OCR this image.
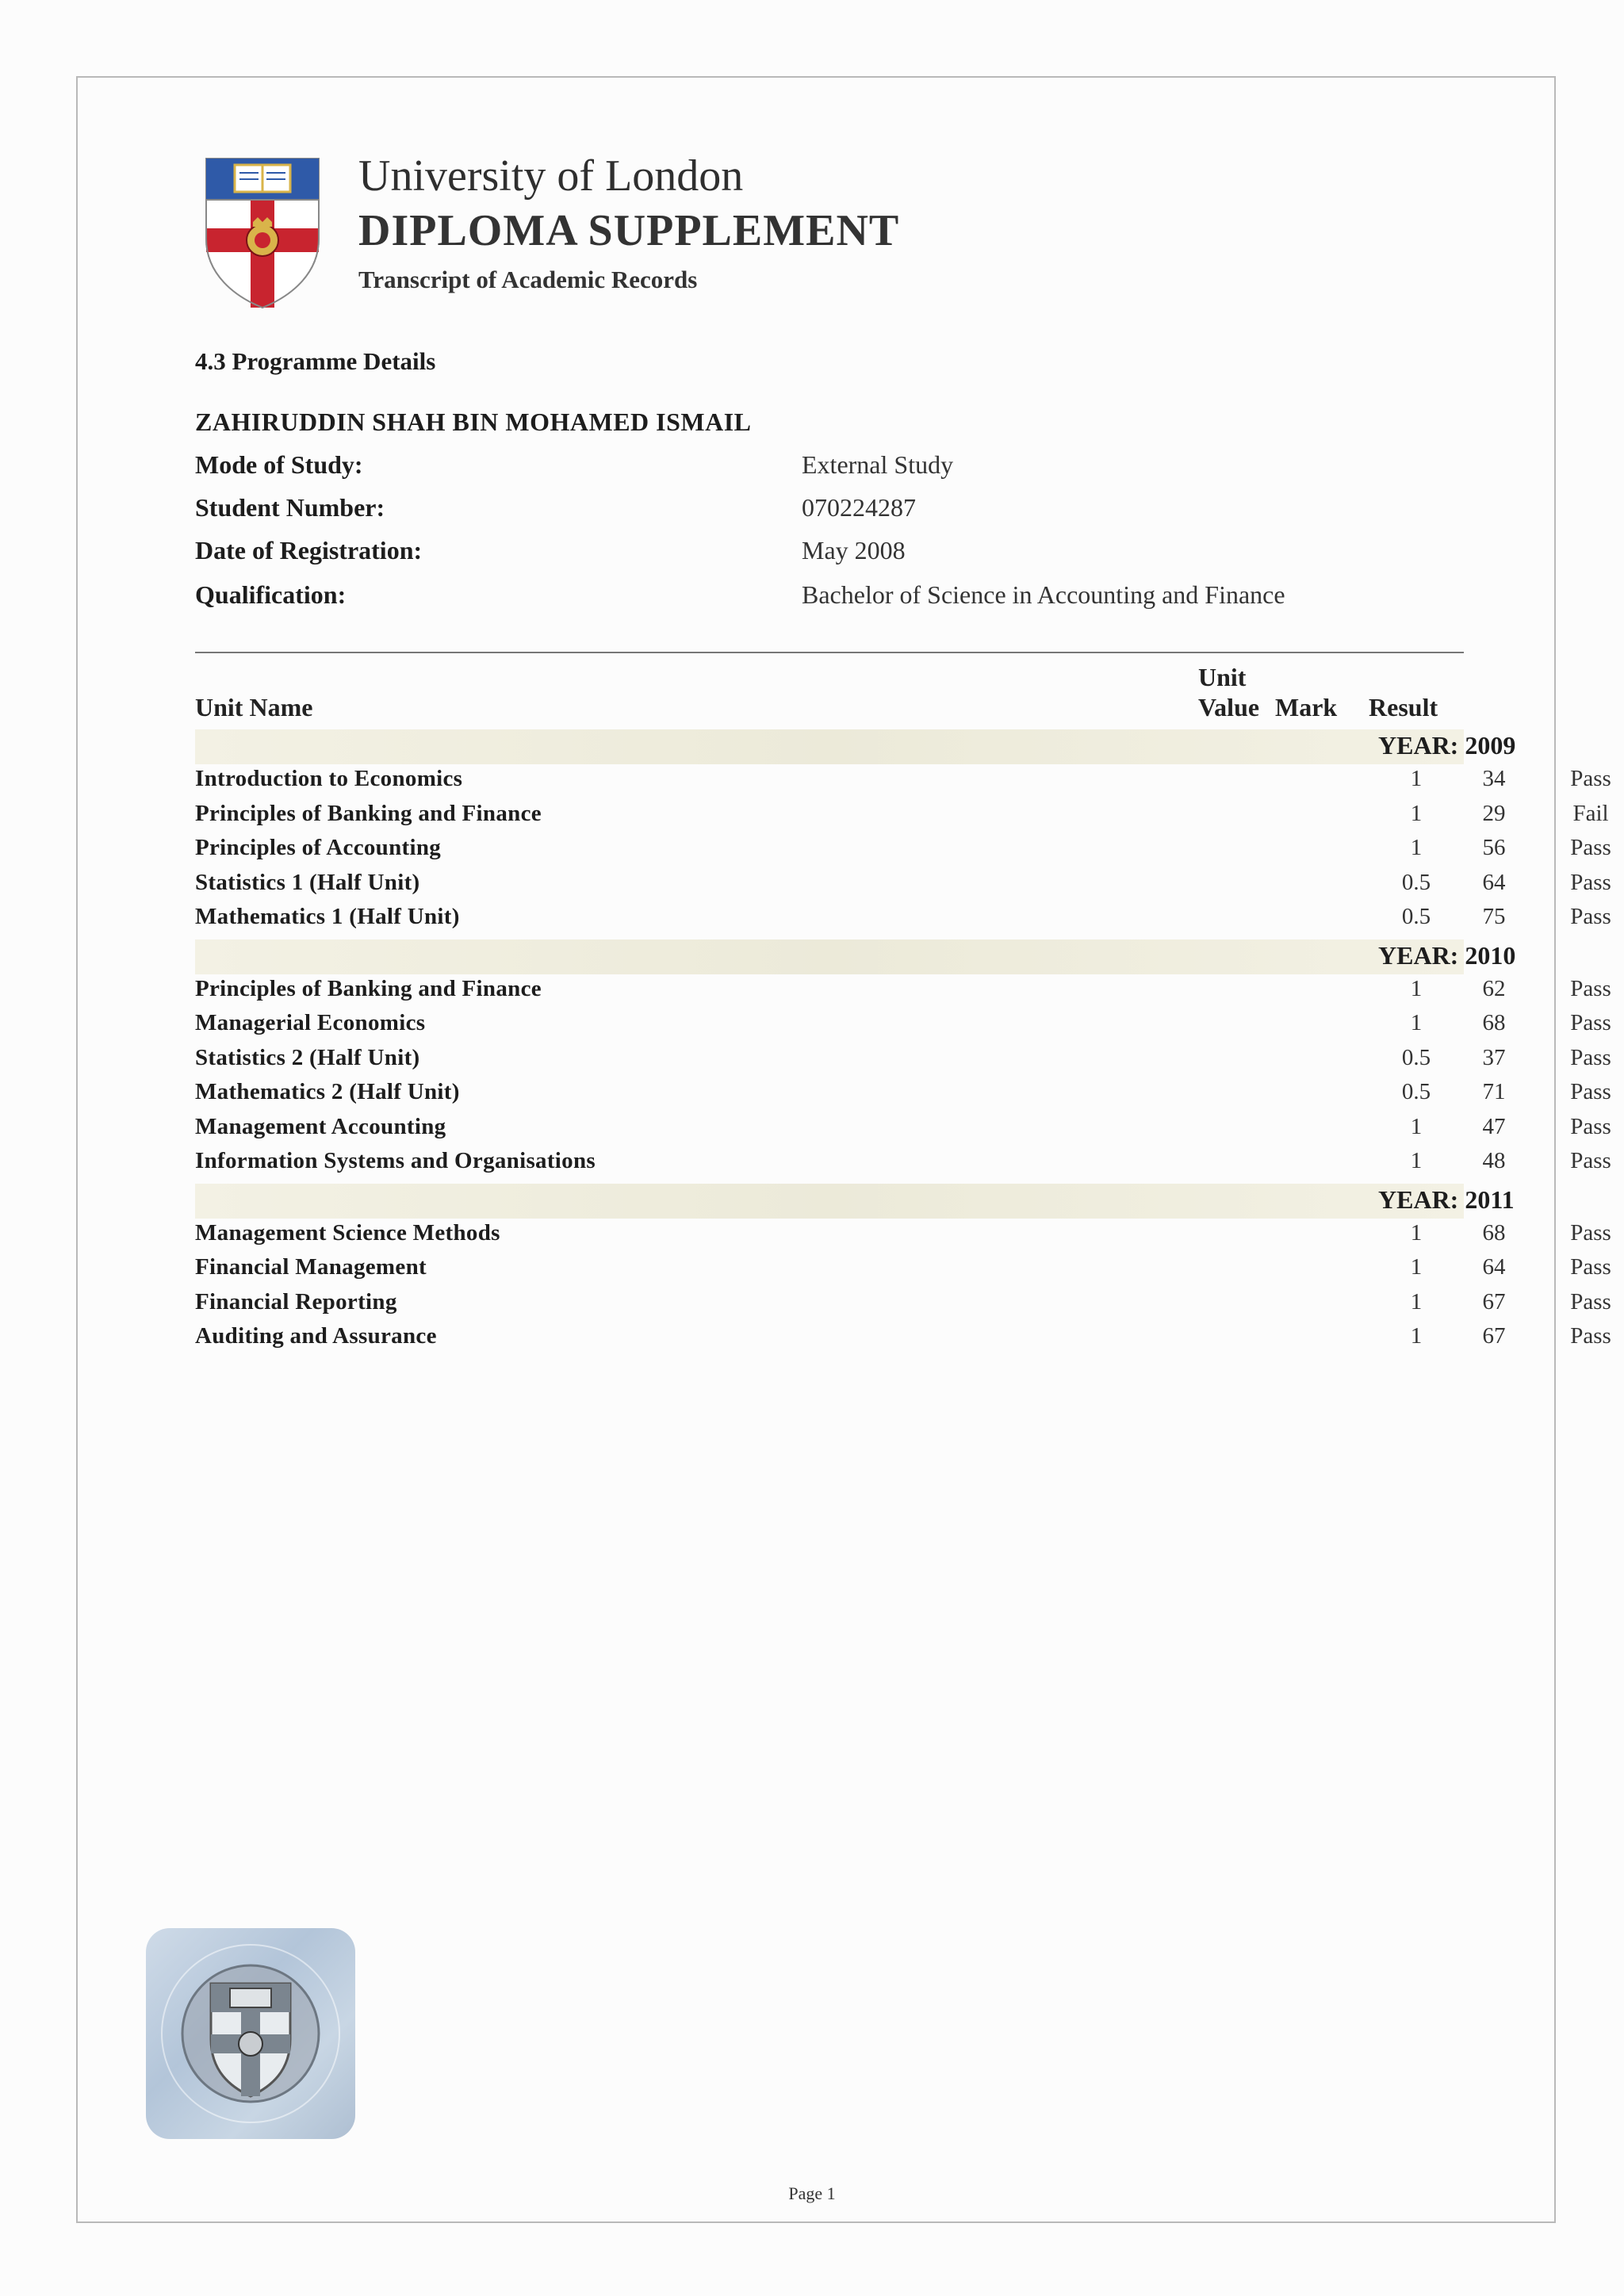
University of London
DIPLOMA SUPPLEMENT
Transcript of Academic Records
4.3 Programme Details
ZAHIRUDDIN SHAH BIN MOHAMED ISMAIL
Mode of Study:	External Study
Student Number:	070224287
Date of Registration:	May 2008
Qualification:	Bachelor of Science in Accounting and Finance
Unit Name
Unit
Value Mark Result
YEAR: 2009
Introduction to Economics	1	34	Pass
Principles of Banking and Finance	1	29	Fail
Principles of Accounting	1	56	Pass
Statistics 1 (Half Unit)	0.5	64	Pass
Mathematics 1 (Half Unit)	0.5	75	Pass
YEAR: 2010
Principles of Banking and Finance	1	62	Pass
Managerial Economics	1	68	Pass
Statistics 2 (Half Unit)	0.5	37	Pass
Mathematics 2 (Half Unit)	0.5	71	Pass
Management Accounting	1	47	Pass
Information Systems and Organisations	1	48	Pass
YEAR: 2011
Management Science Methods	1	68	Pass
Financial Management	1	64	Pass
Financial Reporting	1	67	Pass
Auditing and Assurance	1	67	Pass
Page 1
